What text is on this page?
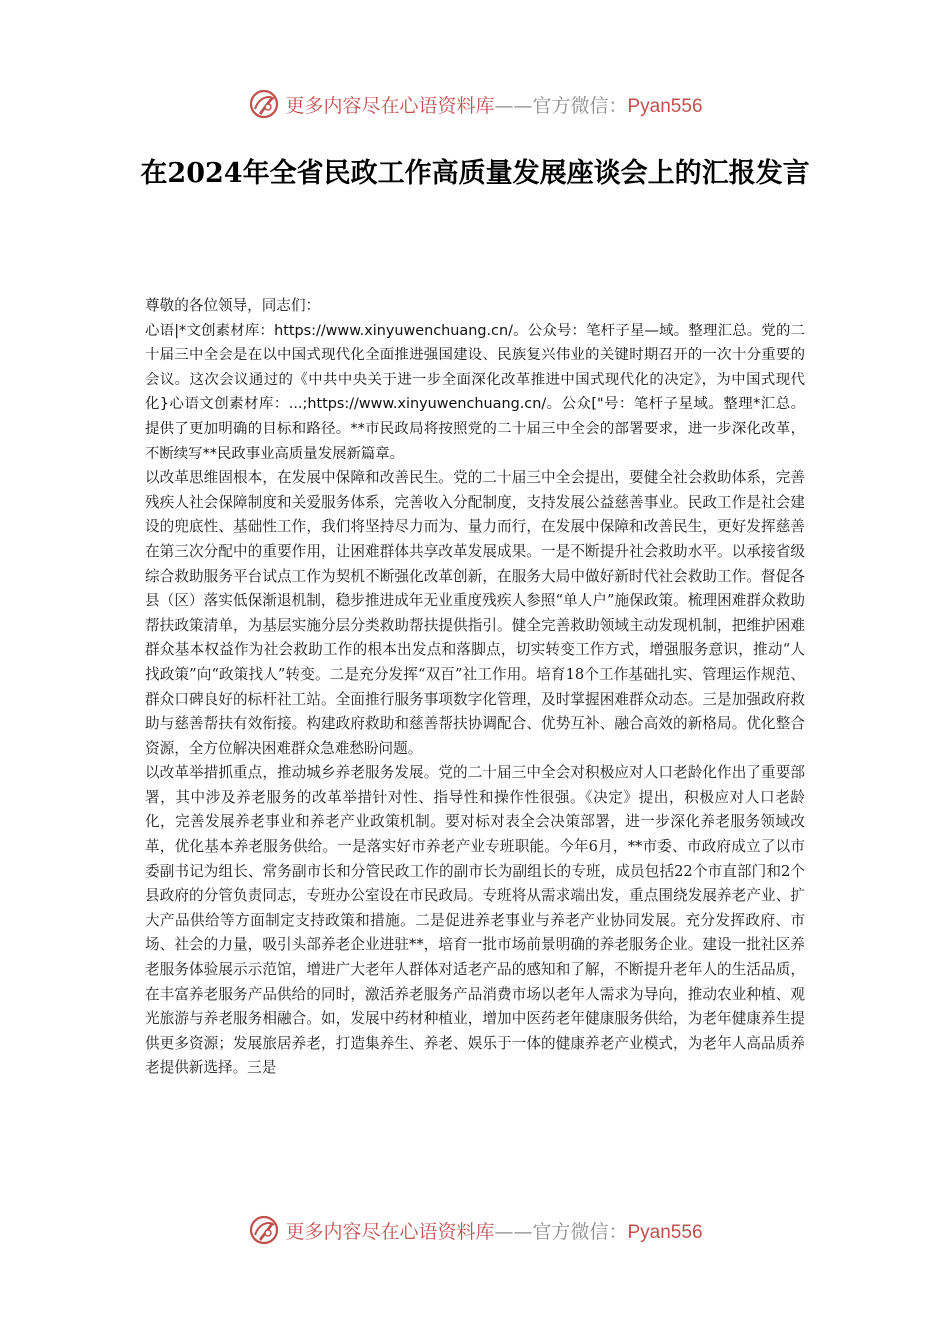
更多内容尽在心语资料库——官方微信：Pyan556
在2024年全省民政工作高质量发展座谈会上的汇报发言

尊敬的各位领导，同志们：

心语|*文创素材库：https://www.xinyuwenchuang.cn/。公众号：笔杆子星—域。整理汇总。党的二十届三中全会是在以中国式现代化全面推进强国建设、民族复兴伟业的关键时期召开的一次十分重要的会议。这次会议通过的《中共中央关于进一步全面深化改革推进中国式现代化的决定》，为中国式现代化}心语文创素材库：...;https://www.xinyuwenchuang.cn/。公众["号：笔杆子星域。整理*汇总。提供了更加明确的目标和路径。**市民政局将按照党的二十届三中全会的部署要求，进一步深化改革，不断续写**民政事业高质量发展新篇章。

以改革思维固根本，在发展中保障和改善民生。党的二十届三中全会提出，要健全社会救助体系，完善残疾人社会保障制度和关爱服务体系，完善收入分配制度，支持发展公益慈善事业。民政工作是社会建设的兜底性、基础性工作，我们将坚持尽力而为、量力而行，在发展中保障和改善民生，更好发挥慈善在第三次分配中的重要作用，让困难群体共享改革发展成果。一是不断提升社会救助水平。以承接省级综合救助服务平台试点工作为契机不断强化改革创新，在服务大局中做好新时代社会救助工作。督促各县（区）落实低保渐退机制，稳步推进成年无业重度残疾人参照“单人户”施保政策。梳理困难群众救助帮扶政策清单，为基层实施分层分类救助帮扶提供指引。健全完善救助领域主动发现机制，把维护困难群众基本权益作为社会救助工作的根本出发点和落脚点，切实转变工作方式，增强服务意识，推动“人找政策”向“政策找人”转变。二是充分发挥“双百”社工作用。培育18个工作基础扎实、管理运作规范、群众口碑良好的标杆社工站。全面推行服务事项数字化管理，及时掌握困难群众动态。三是加强政府救助与慈善帮扶有效衔接。构建政府救助和慈善帮扶协调配合、优势互补、融合高效的新格局。优化整合资源，全方位解决困难群众急难愁盼问题。

以改革举措抓重点，推动城乡养老服务发展。党的二十届三中全会对积极应对人口老龄化作出了重要部署，其中涉及养老服务的改革举措针对性、指导性和操作性很强。《决定》提出，积极应对人口老龄化，完善发展养老事业和养老产业政策机制。要对标对表全会决策部署，进一步深化养老服务领域改革，优化基本养老服务供给。一是落实好市养老产业专班职能。今年6月，**市委、市政府成立了以市委副书记为组长、常务副市长和分管民政工作的副市长为副组长的专班，成员包括22个市直部门和2个县政府的分管负责同志，专班办公室设在市民政局。专班将从需求端出发，重点围绕发展养老产业、扩大产品供给等方面制定支持政策和措施。二是促进养老事业与养老产业协同发展。充分发挥政府、市场、社会的力量，吸引头部养老企业进驻**，培育一批市场前景明确的养老服务企业。建设一批社区养老服务体验展示示范馆，增进广大老年人群体对适老产品的感知和了解，不断提升老年人的生活品质，在丰富养老服务产品供给的同时，激活养老服务产品消费市场以老年人需求为导向，推动农业种植、观光旅游与养老服务相融合。如，发展中药材种植业，增加中医药老年健康服务供给，为老年健康养生提供更多资源；发展旅居养老，打造集养生、养老、娱乐于一体的健康养老产业模式，为老年人高品质养老提供新选择。三是

更多内容尽在心语资料库——官方微信：Pyan556
